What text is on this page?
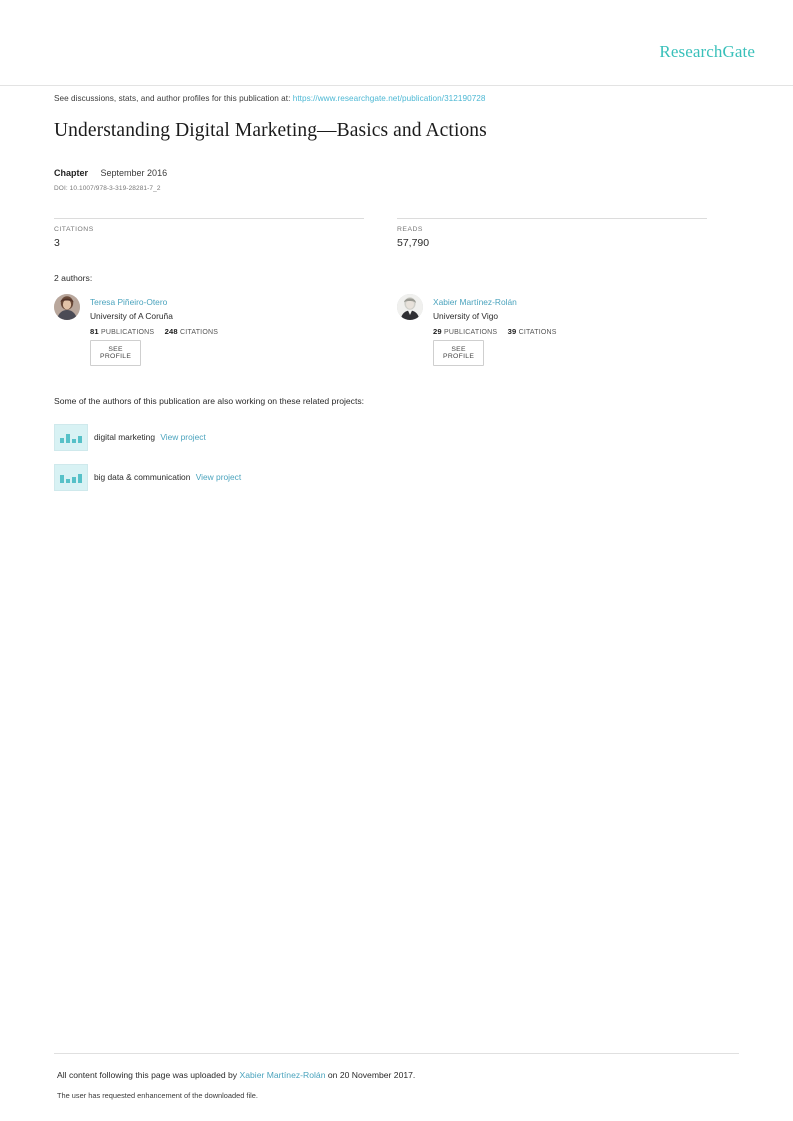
ResearchGate
See discussions, stats, and author profiles for this publication at: https://www.researchgate.net/publication/312190728
Understanding Digital Marketing—Basics and Actions
Chapter September 2016
DOI: 10.1007/978-3-319-28281-7_2
CITATIONS
3
READS
57,790
2 authors:
Teresa Piñeiro-Otero
University of A Coruña
81 PUBLICATIONS 248 CITATIONS
SEE PROFILE
Xabier Martínez-Rolán
University of Vigo
29 PUBLICATIONS 39 CITATIONS
SEE PROFILE
Some of the authors of this publication are also working on these related projects:
digital marketing View project
big data & communication View project
All content following this page was uploaded by Xabier Martínez-Rolán on 20 November 2017.
The user has requested enhancement of the downloaded file.
